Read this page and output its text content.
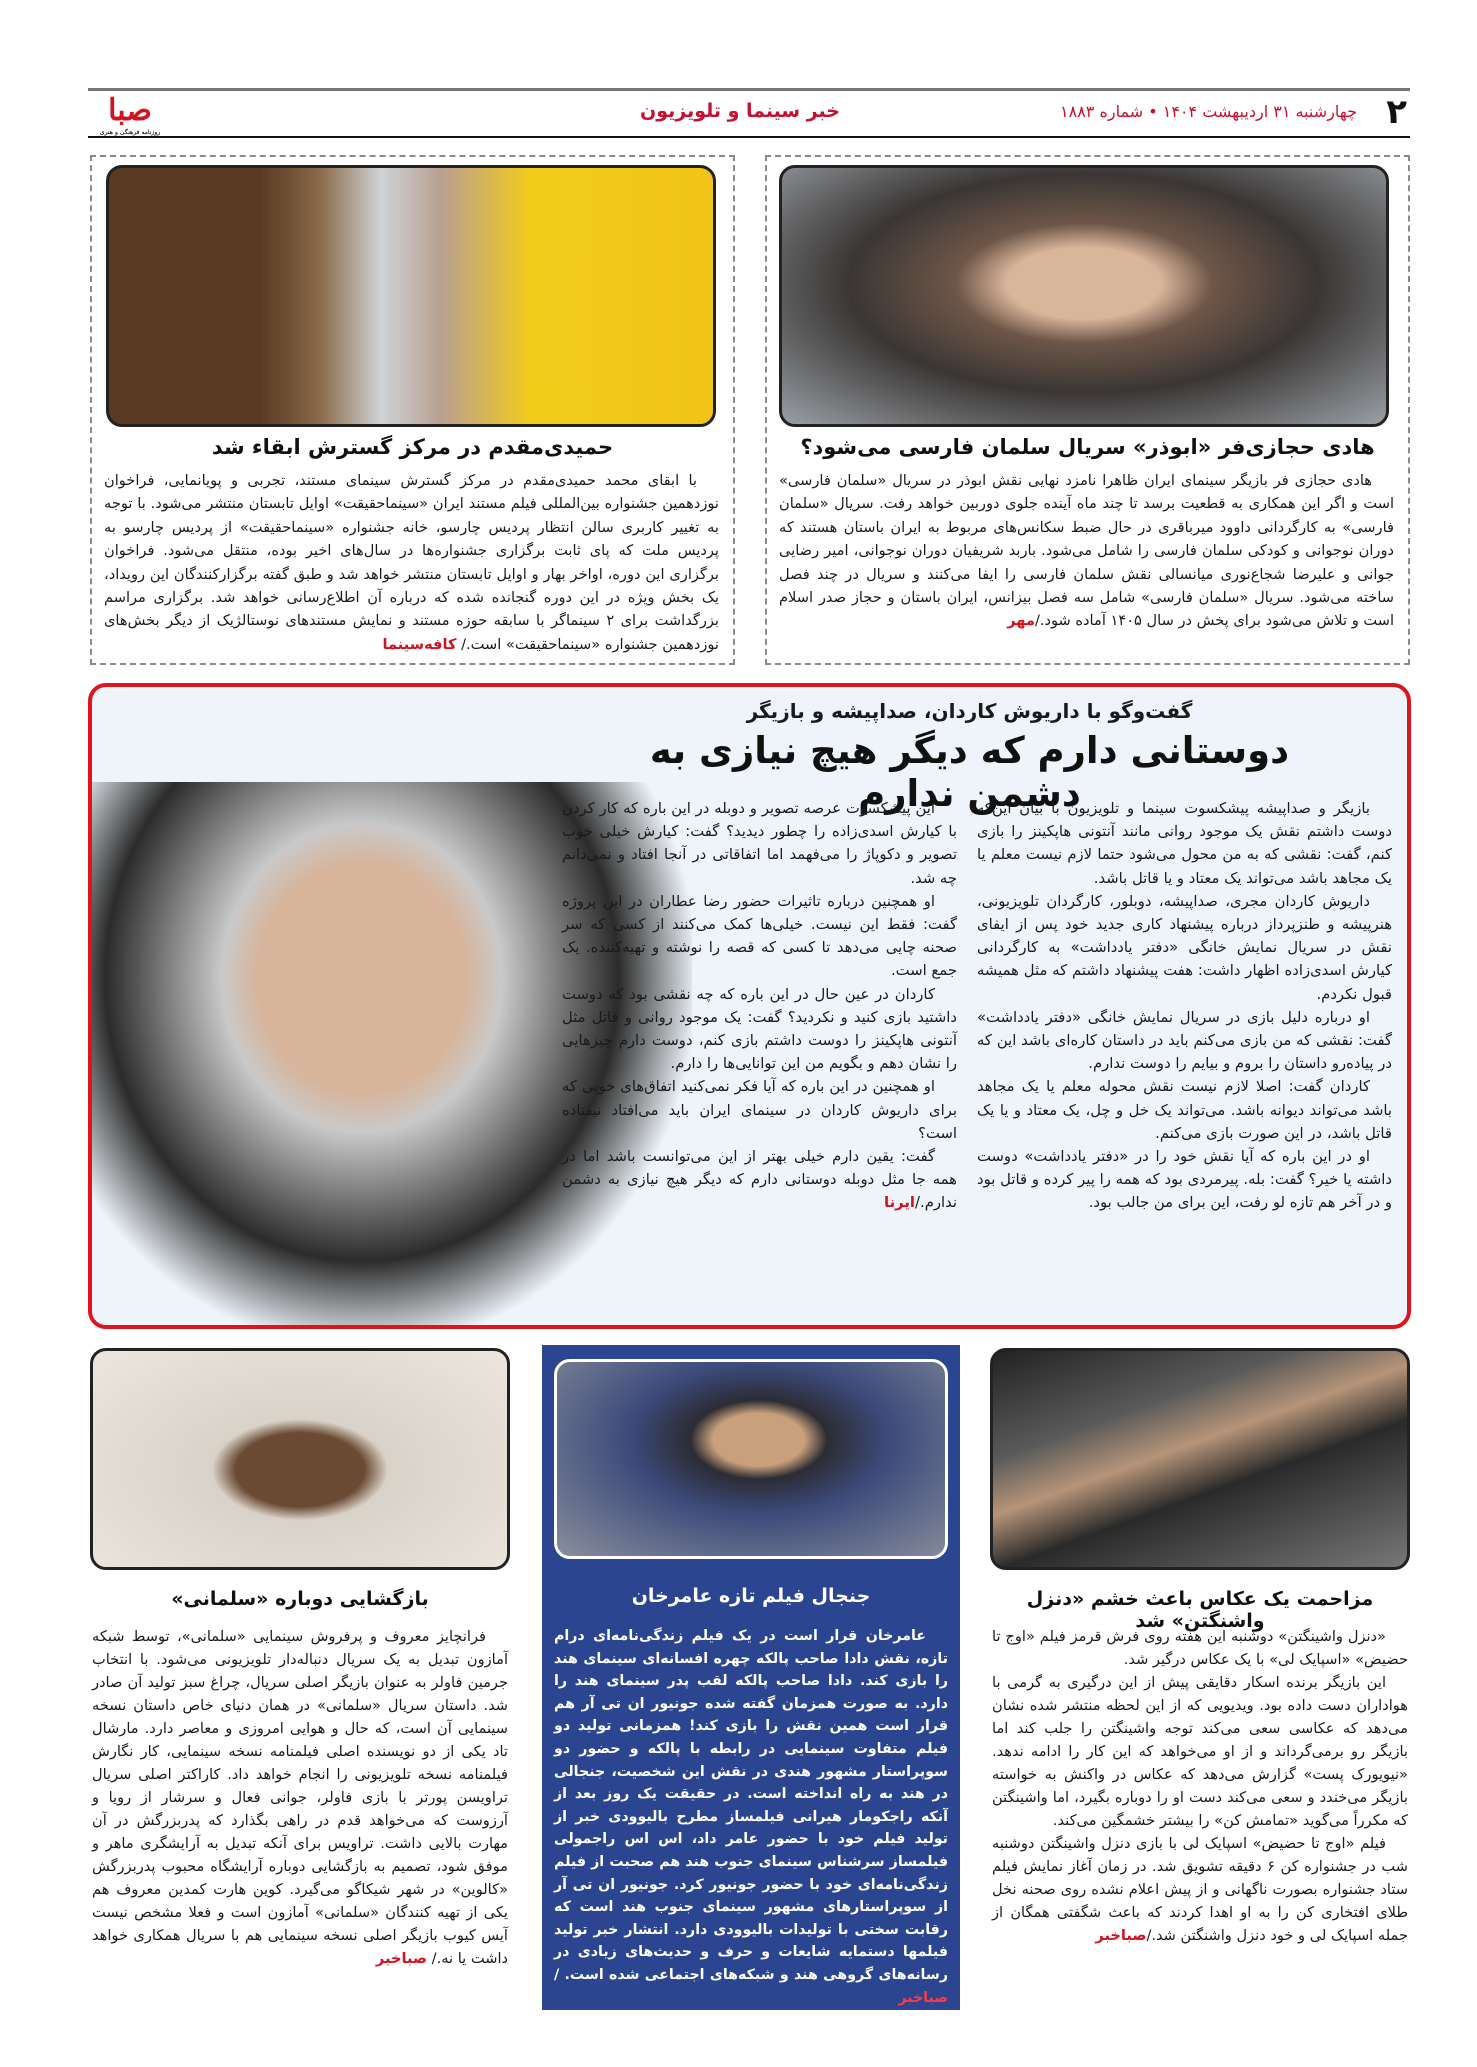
۲
چهارشنبه ۳۱ اردیبهشت ۱۴۰۴ • شماره ۱۸۸۳
خبر سینما و تلویزیون
صبا
روزنامه فرهنگی و هنری
هادی حجازی‌فر «ابوذر» سریال سلمان فارسی می‌شود؟

هادی حجازی فر بازیگر سینمای ایران ظاهرا نامزد نهایی نقش ابوذر در سریال «سلمان فارسی» است و اگر این همکاری به قطعیت برسد تا چند ماه آینده جلوی دوربین خواهد رفت. سریال «سلمان فارسی» به کارگردانی داوود میرباقری در حال ضبط سکانس‌های مربوط به ایران باستان هستند که دوران نوجوانی و کودکی سلمان فارسی را شامل می‌شود. باربد شریفیان دوران نوجوانی، امیر رضایی جوانی و علیرضا شجاع‌نوری میانسالی نقش سلمان فارسی را ایفا می‌کنند و سریال در چند فصل ساخته می‌شود. سریال «سلمان فارسی» شامل سه فصل بیزانس، ایران باستان و حجاز صدر اسلام است و تلاش می‌شود برای پخش در سال ۱۴۰۵ آماده شود./مهر

حمیدی‌مقدم در مرکز گسترش ابقاء شد

با ابقای محمد حمیدی‌مقدم در مرکز گسترش سینمای مستند، تجربی و پویانمایی، فراخوان نوزدهمین جشنواره بین‌المللی فیلم مستند ایران «سینماحقیقت» اوایل تابستان منتشر می‌شود. با توجه به تغییر کاربری سالن انتظار پردیس چارسو، خانه جشنواره «سینماحقیقت» از پردیس چارسو به پردیس ملت که پای ثابت برگزاری جشنواره‌ها در سال‌های اخیر بوده، منتقل می‌شود. فراخوان برگزاری این دوره، اواخر بهار و اوایل تابستان منتشر خواهد شد و طبق گفته برگزارکنندگان این رویداد، یک بخش ویژه در این دوره گنجانده شده که درباره آن اطلاع‌رسانی خواهد شد. برگزاری مراسم بزرگداشت برای ۲ سینماگر با سابقه حوزه مستند و نمایش مستندهای نوستالژیک از دیگر بخش‌های نوزدهمین جشنواره «سینماحقیقت» است./ کافه‌سینما

گفت‌وگو با داریوش کاردان، صداپیشه و بازیگر
دوستانی دارم که دیگر هیچ نیازی به دشمن ندارم

بازیگر و صداپیشه پیشکسوت سینما و تلویزیون با بیان این‌که دوست داشتم نقش یک موجود روانی مانند آنتونی هاپکینز را بازی کنم، گفت: نقشی که به من محول می‌شود حتما لازم نیست معلم یا یک مجاهد باشد می‌تواند یک معتاد و یا قاتل باشد.

داریوش کاردان مجری، صداپیشه، دوبلور، کارگردان تلویزیونی، هنرپیشه و طنزپرداز درباره پیشنهاد کاری جدید خود پس از ایفای نقش در سریال نمایش خانگی «دفتر یادداشت» به کارگردانی کیارش اسدی‌زاده اظهار داشت: هفت پیشنهاد داشتم که مثل همیشه قبول نکردم.

او درباره دلیل بازی در سریال نمایش خانگی «دفتر یادداشت» گفت: نقشی که من بازی می‌کنم باید در داستان کاره‌ای باشد این که در پیاده‌رو داستان را بروم و بیایم را دوست ندارم.

کاردان گفت: اصلا لازم نیست نقش محوله معلم یا یک مجاهد باشد می‌تواند دیوانه باشد. می‌تواند یک خل و چل، یک معتاد و یا یک قاتل باشد، در این صورت بازی می‌کنم.

او در این باره که آیا نقش خود را در «دفتر یادداشت» دوست داشته یا خیر؟ گفت: بله. پیرمردی بود که همه را پیر کرده و قاتل بود و در آخر هم تازه لو رفت، این برای من جالب بود.

این پیشکسوت عرصه تصویر و دوبله در این باره که کار کردن با کیارش اسدی‌زاده را چطور دیدید؟ گفت: کیارش خیلی خوب تصویر و دکوپاژ را می‌فهمد اما اتفاقاتی در آنجا افتاد و نمی‌دانم چه شد.

او همچنین درباره تاثیرات حضور رضا عطاران در این پروژه گفت: فقط این نیست. خیلی‌ها کمک می‌کنند از کسی که سر صحنه چایی می‌دهد تا کسی که قصه را نوشته و تهیه‌کننده. یک جمع است.

کاردان در عین حال در این باره که چه نقشی بود که دوست داشتید بازی کنید و نکردید؟ گفت: یک موجود روانی و قاتل مثل آنتونی هاپکینز را دوست داشتم بازی کنم، دوست دارم چیزهایی را نشان دهم و بگویم من این توانایی‌ها را دارم.

او همچنین در این باره که آیا فکر نمی‌کنید اتفاق‌های خوبی که برای داریوش کاردان در سینمای ایران باید می‌افتاد نیفتاده است؟

گفت: یقین دارم خیلی بهتر از این می‌توانست باشد اما در همه جا مثل دوبله دوستانی دارم که دیگر هیچ نیازی به دشمن ندارم./ایرنا

مزاحمت یک عکاس باعث خشم «دنزل واشنگتن» شد

«دنزل واشینگتن» دوشنبه این هفته روی فرش قرمز فیلم «اوج تا حضیض» «اسپایک لی» با یک عکاس درگیر شد.

این بازیگر برنده اسکار دقایقی پیش از این درگیری به گرمی با هواداران دست داده بود. ویدیویی که از این لحظه منتشر شده نشان می‌دهد که عکاسی سعی می‌کند توجه واشینگتن را جلب کند اما بازیگر رو برمی‌گرداند و از او می‌خواهد که این کار را ادامه ندهد. «نیویورک پست» گزارش می‌دهد که عکاس در واکنش به خواسته بازیگر می‌خندد و سعی می‌کند دست او را دوباره بگیرد، اما واشینگتن که مکرراً می‌گوید «تمامش کن» را بیشتر خشمگین می‌کند.

فیلم «اوج تا حضیض» اسپایک لی با بازی دنزل واشینگتن دوشنبه شب در جشنواره کن ۶ دقیقه تشویق شد. در زمان آغاز نمایش فیلم ستاد جشنواره بصورت ناگهانی و از پیش اعلام نشده روی صحنه نخل طلای افتخاری کن را به او اهدا کردند که باعث شگفتی همگان از جمله اسپایک لی و خود دنزل واشنگتن شد./صباخبر

جنجال فیلم تازه عامرخان

عامرخان قرار است در یک فیلم زندگی‌نامه‌ای درام تازه، نقش دادا صاحب پالکه چهره افسانه‌ای سینمای هند را بازی کند. دادا صاحب پالکه لقب پدر سینمای هند را دارد. به صورت همزمان گفته شده جونیور ان تی آر هم قرار است همین نقش را بازی کند! همزمانی تولید دو فیلم متفاوت سینمایی در رابطه با پالکه و حضور دو سوپراستار مشهور هندی در نقش این شخصیت، جنجالی در هند به راه انداخته است. در حقیقت یک روز بعد از آنکه راجکومار هیرانی فیلمساز مطرح بالیوودی خبر از تولید فیلم خود با حضور عامر داد، اس اس راجمولی فیلمساز سرشناس سینمای جنوب هند هم صحبت از فیلم زندگی‌نامه‌ای خود با حضور جونیور کرد. جونیور ان تی آر از سوپراستارهای مشهور سینمای جنوب هند است که رقابت سختی با تولیدات بالیوودی دارد. انتشار خبر تولید فیلمها دستمایه شایعات و حرف و حدیث‌های زیادی در رسانه‌های گروهی هند و شبکه‌های اجتماعی شده است. /صباخبر

بازگشایی دوباره «سلمانی»

فرانچایز معروف و پرفروش سینمایی «سلمانی»، توسط شبکه آمازون تبدیل به یک سریال دنباله‌دار تلویزیونی می‌شود. با انتخاب جرمین فاولر به عنوان بازیگر اصلی سریال، چراغ سبز تولید آن صادر شد. داستان سریال «سلمانی» در همان دنیای خاص داستان نسخه سینمایی آن است، که حال و هوایی امروزی و معاصر دارد. مارشال تاد یکی از دو نویسنده اصلی فیلمنامه نسخه سینمایی، کار نگارش فیلمنامه نسخه تلویزیونی را انجام خواهد داد. کاراکتر اصلی سریال تراویسن پورتر با بازی فاولر، جوانی فعال و سرشار از رویا و آرزوست که می‌خواهد قدم در راهی بگذارد که پدربزرگش در آن مهارت بالایی داشت. تراویس برای آنکه تبدیل به آرایشگری ماهر و موفق شود، تصمیم به بازگشایی دوباره آرایشگاه محبوب پدربزرگش «کالوین» در شهر شیکاگو می‌گیرد. کوین هارت کمدین معروف هم یکی از تهیه کنندگان «سلمانی» آمازون است و فعلا مشخص نیست آیس کیوب بازیگر اصلی نسخه سینمایی هم با سریال همکاری خواهد داشت یا نه./ صباخبر
